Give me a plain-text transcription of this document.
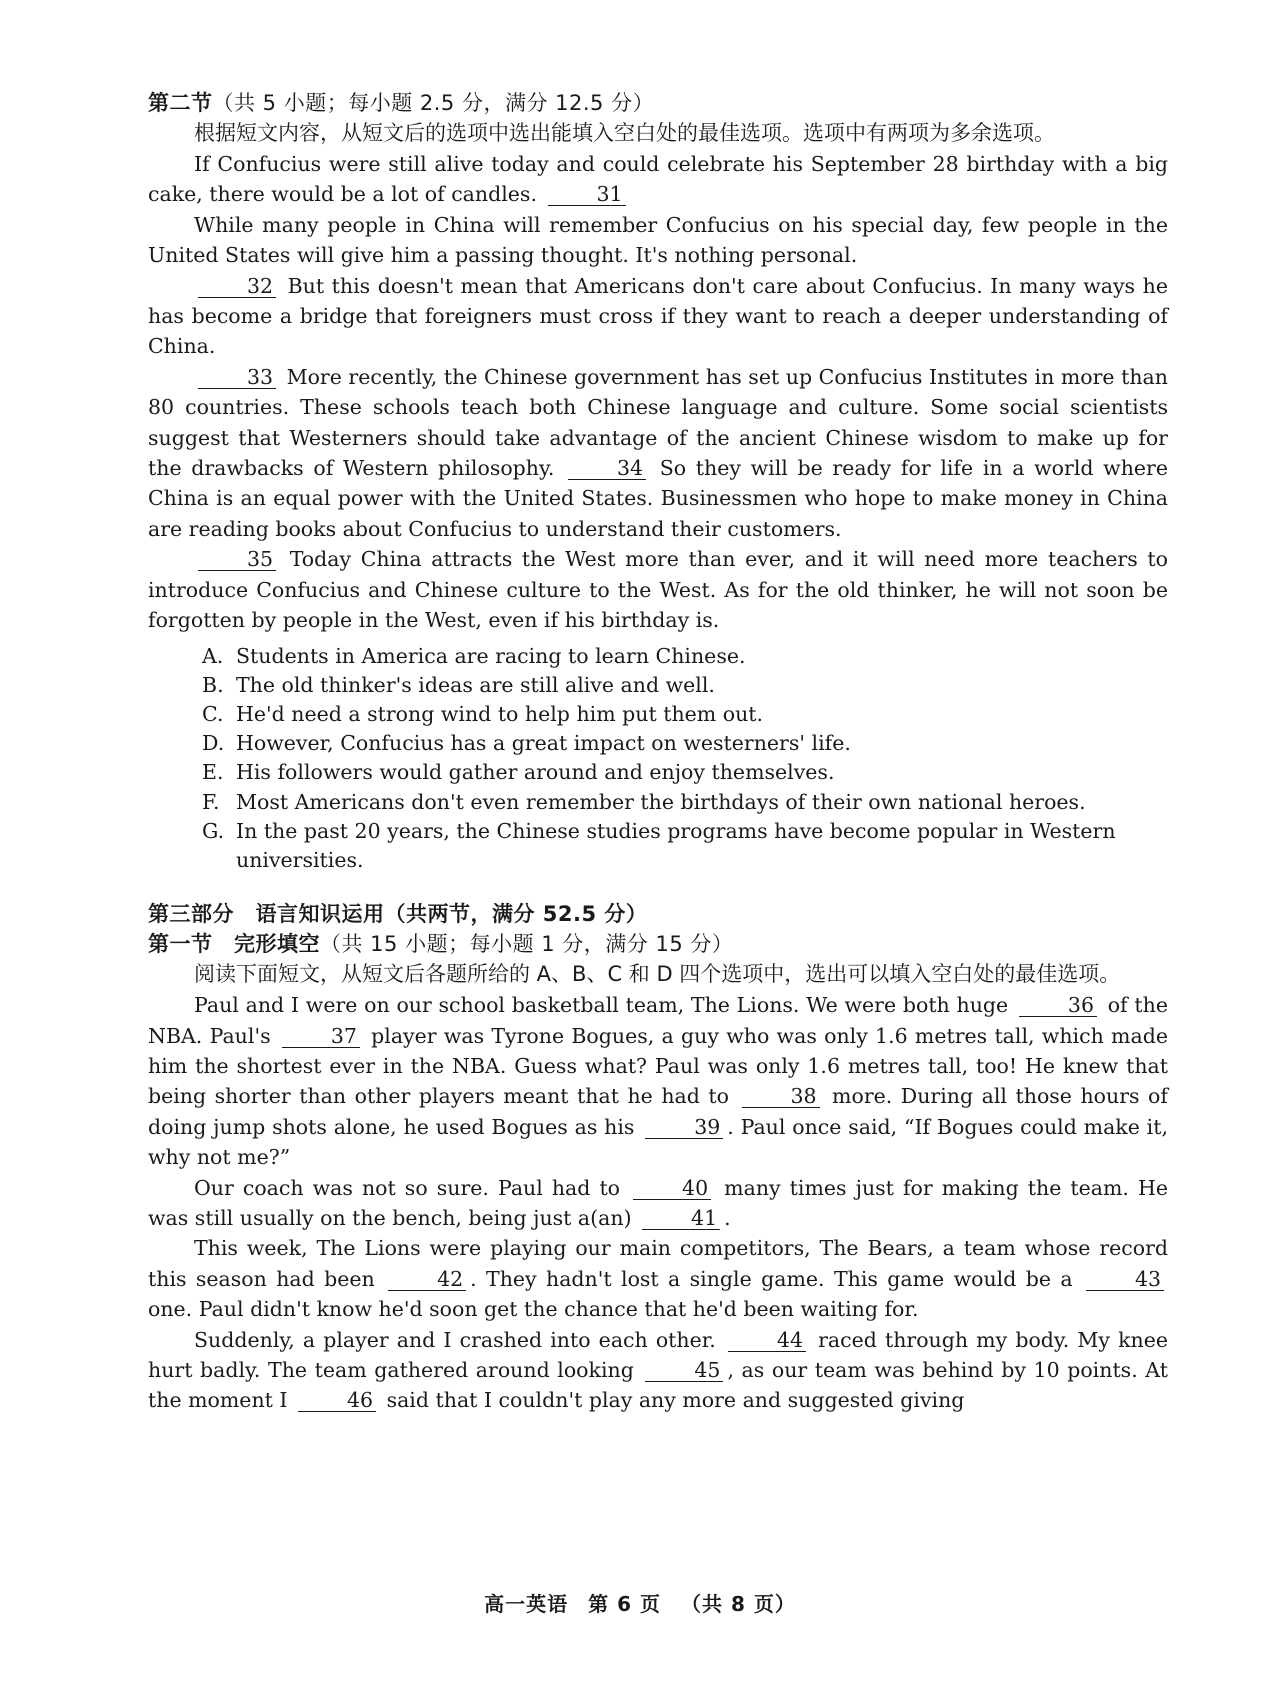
第二节（共 5 小题；每小题 2.5 分，满分 12.5 分）

根据短文内容，从短文后的选项中选出能填入空白处的最佳选项。选项中有两项为多余选项。

If Confucius were still alive today and could celebrate his September 28 birthday with a big cake, there would be a lot of candles.	31

While many people in China will remember Confucius on his special day, few people in the United States will give him a passing thought. It's nothing personal.

32 But this doesn't mean that Americans don't care about Confucius. In many ways he has become a bridge that foreigners must cross if they want to reach a deeper understanding of China.

33 More recently, the Chinese government has set up Confucius Institutes in more than 80 countries. These schools teach both Chinese language and culture. Some social scientists suggest that Westerners should take advantage of the ancient Chinese wisdom to make up for the drawbacks of Western philosophy.	34 So they will be ready for life in a world where China is an equal power with the United States. Businessmen who hope to make money in China are reading books about Confucius to understand their customers.

35 Today China attracts the West more than ever, and it will need more teachers to introduce Confucius and Chinese culture to the West. As for the old thinker, he will not soon be forgotten by people in the West, even if his birthday is.

A. Students in America are racing to learn Chinese.
B. The old thinker's ideas are still alive and well.
C. He'd need a strong wind to help him put them out.
D. However, Confucius has a great impact on westerners' life.
E. His followers would gather around and enjoy themselves.
F. Most Americans don't even remember the birthdays of their own national heroes.
G. In the past 20 years, the Chinese studies programs have become popular in Western universities.
第三部分　语言知识运用（共两节，满分 52.5 分）
第一节　完形填空（共 15 小题；每小题 1 分，满分 15 分）

阅读下面短文，从短文后各题所给的 A、B、C 和 D 四个选项中，选出可以填入空白处的最佳选项。

Paul and I were on our school basketball team, The Lions. We were both huge	36 of the NBA. Paul's	37 player was Tyrone Bogues, a guy who was only 1.6 metres tall, which made him the shortest ever in the NBA. Guess what? Paul was only 1.6 metres tall, too! He knew that being shorter than other players meant that he had to	38 more. During all those hours of doing jump shots alone, he used Bogues as his	39 . Paul once said, “If Bogues could make it, why not me?”

Our coach was not so sure. Paul had to	40 many times just for making the team. He was still usually on the bench, being just a(an)	41 .

This week, The Lions were playing our main competitors, The Bears, a team whose record this season had been	42 . They hadn't lost a single game. This game would be a	43 one. Paul didn't know he'd soon get the chance that he'd been waiting for.

Suddenly, a player and I crashed into each other.	44 raced through my body. My knee hurt badly. The team gathered around looking	45 , as our team was behind by 10 points. At the moment I	46 said that I couldn't play any more and suggested giving

高一英语 第 6 页 （共 8 页）
